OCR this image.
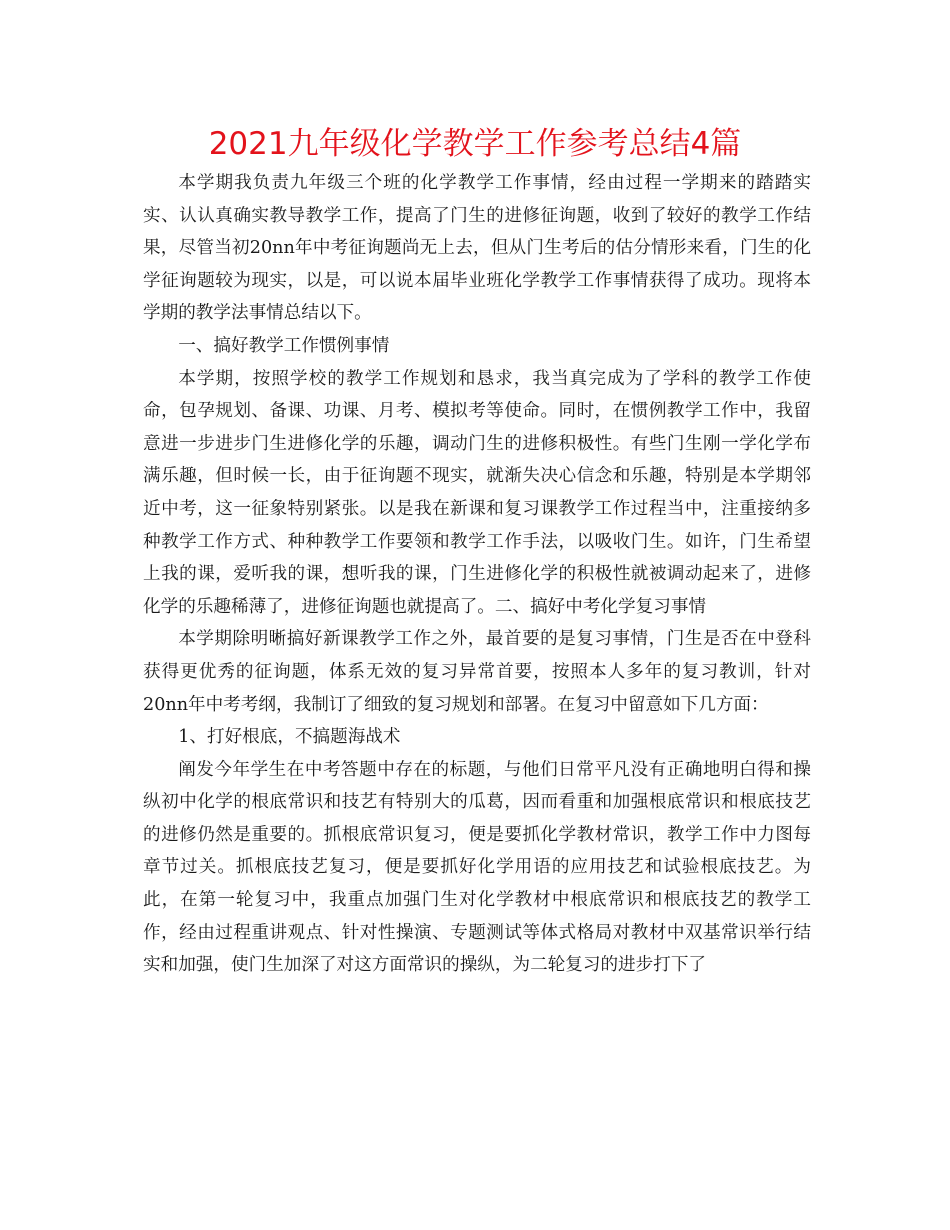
2021九年级化学教学工作参考总结4篇

本学期我负责九年级三个班的化学教学工作事情，经由过程一学期来的踏踏实实、认认真确实教导教学工作，提高了门生的进修征询题，收到了较好的教学工作结果，尽管当初20nn年中考征询题尚无上去，但从门生考后的估分情形来看，门生的化学征询题较为现实，以是，可以说本届毕业班化学教学工作事情获得了成功。现将本学期的教学法事情总结以下。

一、搞好教学工作惯例事情

本学期，按照学校的教学工作规划和恳求，我当真完成为了学科的教学工作使命，包孕规划、备课、功课、月考、模拟考等使命。同时，在惯例教学工作中，我留意进一步进步门生进修化学的乐趣，调动门生的进修积极性。有些门生刚一学化学布满乐趣，但时候一长，由于征询题不现实，就渐失决心信念和乐趣，特别是本学期邻近中考，这一征象特别紧张。以是我在新课和复习课教学工作过程当中，注重接纳多种教学工作方式、种种教学工作要领和教学工作手法，以吸收门生。如许，门生希望上我的课，爱听我的课，想听我的课，门生进修化学的积极性就被调动起来了，进修化学的乐趣稀薄了，进修征询题也就提高了。二、搞好中考化学复习事情

本学期除明晰搞好新课教学工作之外，最首要的是复习事情，门生是否在中登科获得更优秀的征询题，体系无效的复习异常首要，按照本人多年的复习教训，针对20nn年中考考纲，我制订了细致的复习规划和部署。在复习中留意如下几方面：

1、打好根底，不搞题海战术

阐发今年学生在中考答题中存在的标题，与他们日常平凡没有正确地明白得和操纵初中化学的根底常识和技艺有特别大的瓜葛，因而看重和加强根底常识和根底技艺的进修仍然是重要的。抓根底常识复习，便是要抓化学教材常识，教学工作中力图每章节过关。抓根底技艺复习，便是要抓好化学用语的应用技艺和试验根底技艺。为此，在第一轮复习中，我重点加强门生对化学教材中根底常识和根底技艺的教学工作，经由过程重讲观点、针对性操演、专题测试等体式格局对教材中双基常识举行结实和加强，使门生加深了对这方面常识的操纵，为二轮复习的进步打下了
